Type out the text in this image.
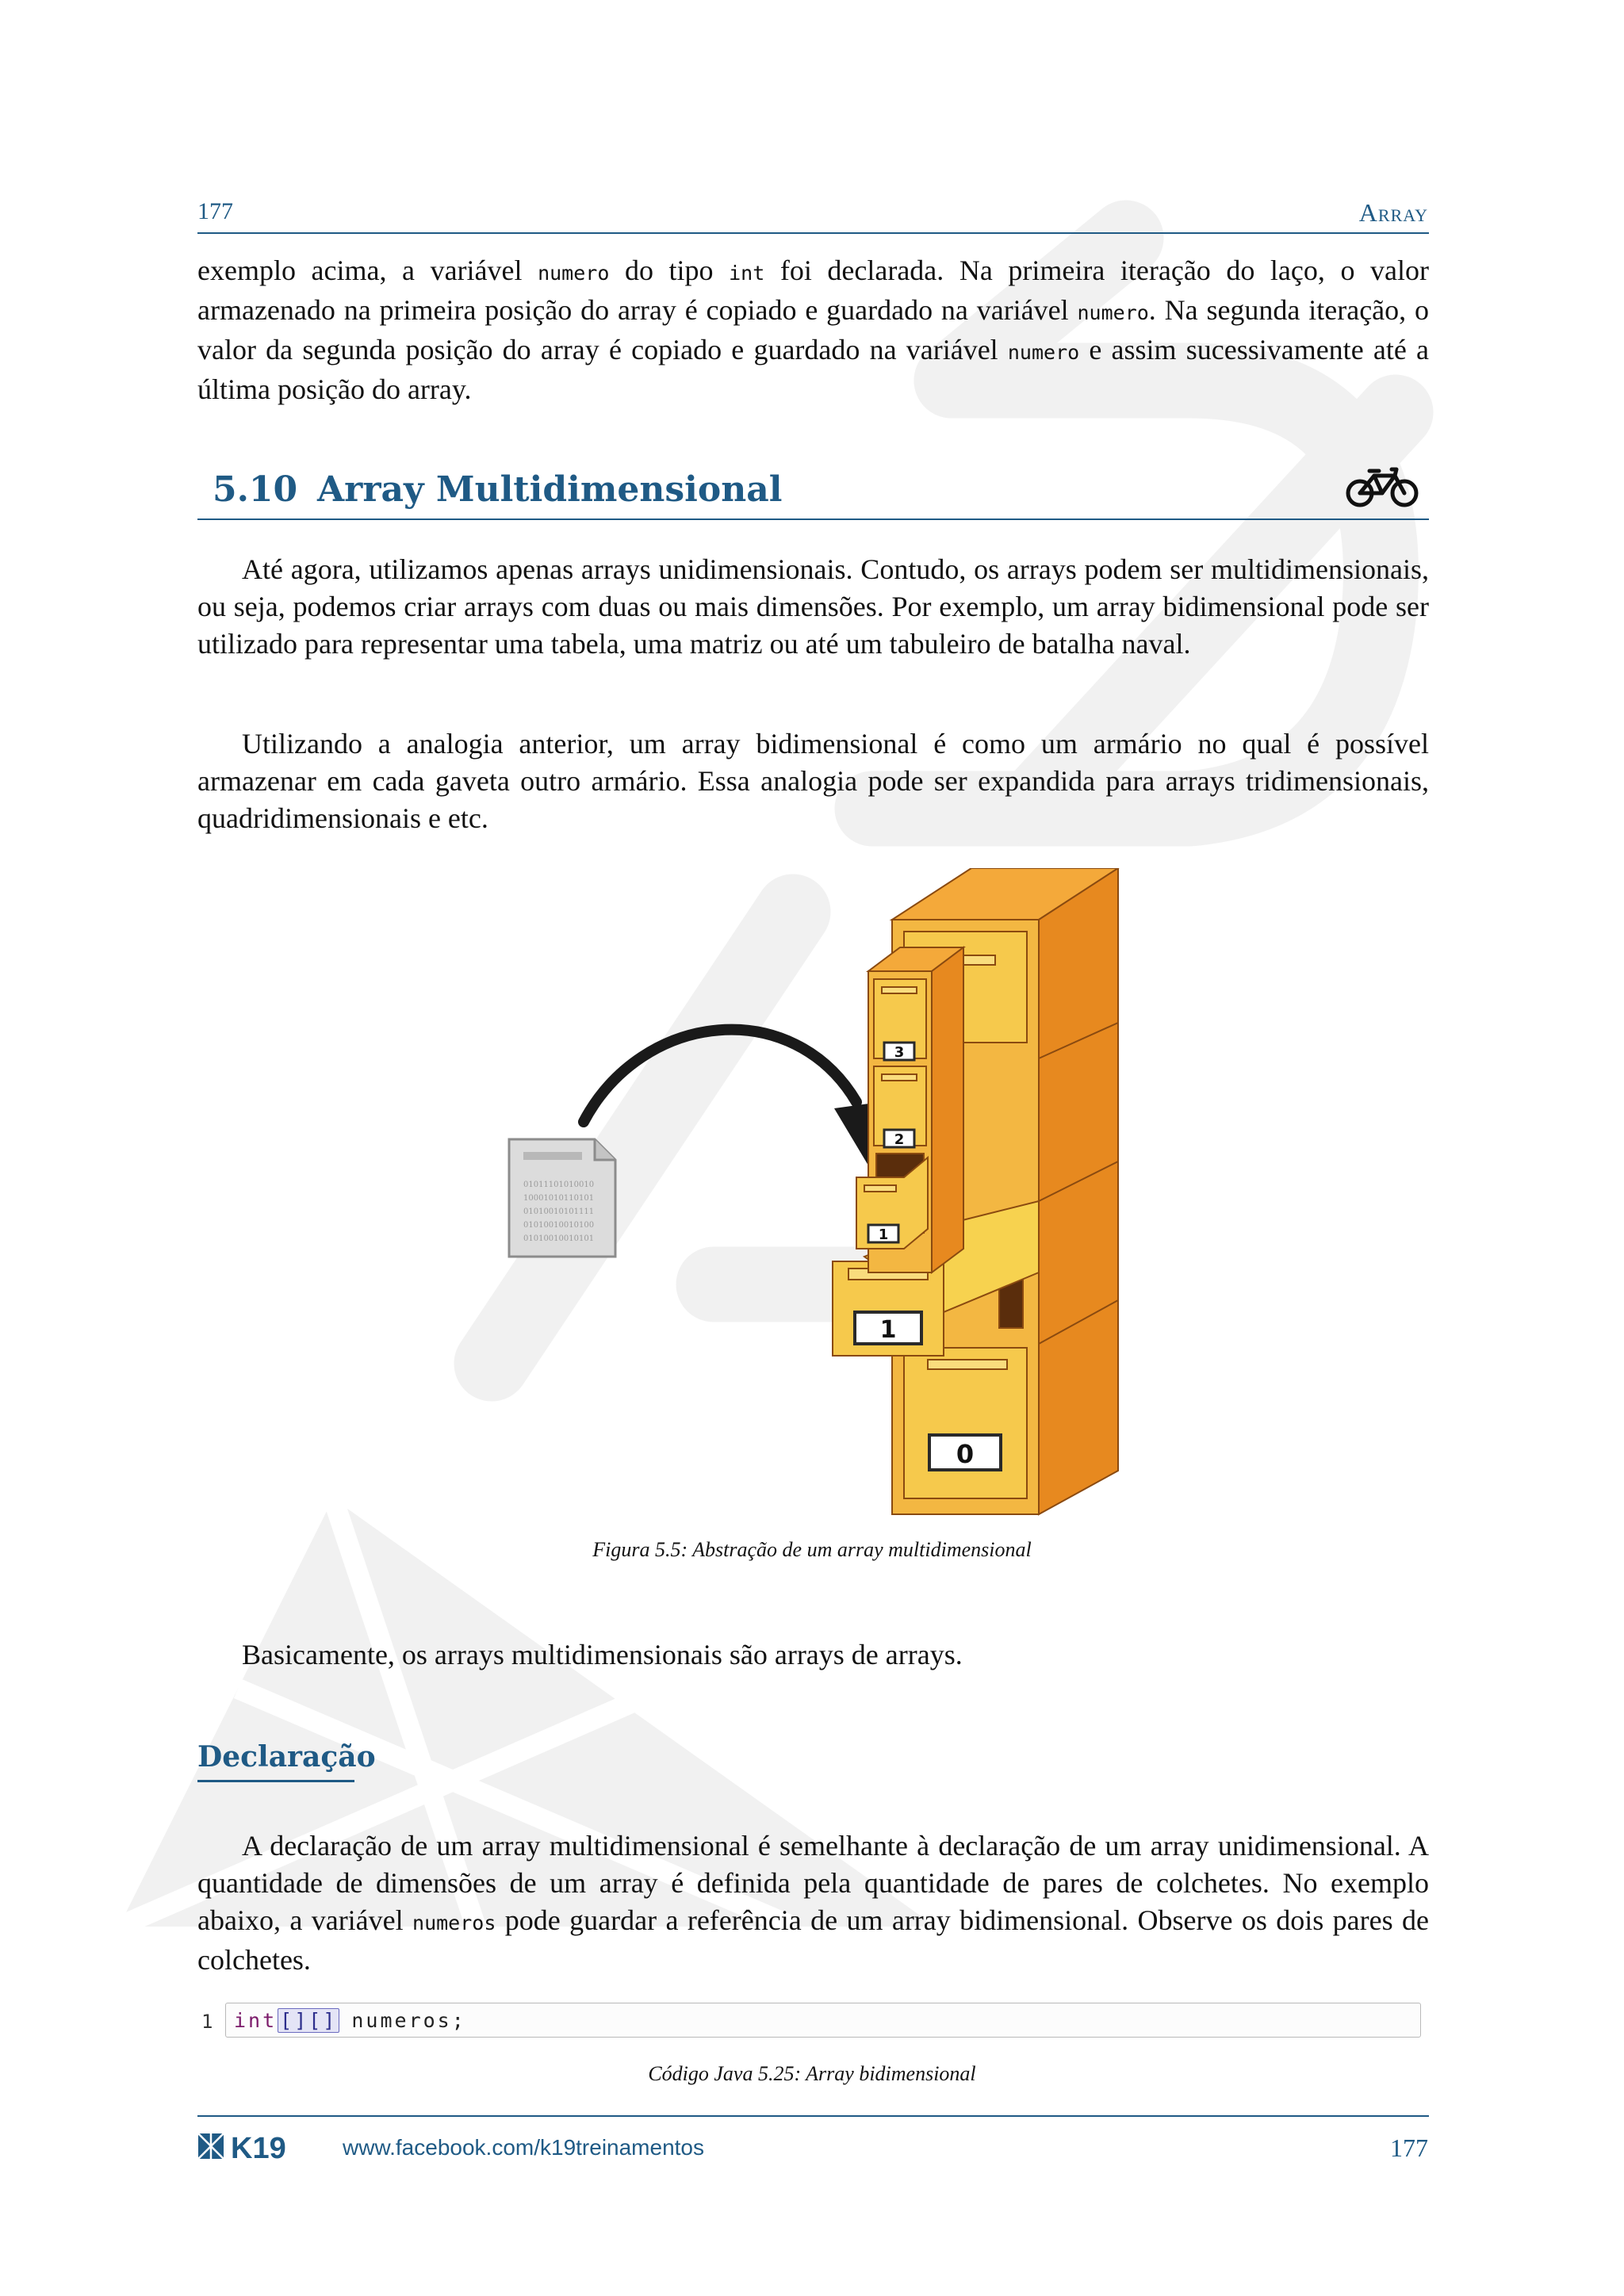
177	Array
exemplo acima, a variável numero do tipo int foi declarada. Na primeira iteração do laço, o valor armazenado na primeira posição do array é copiado e guardado na variável numero. Na segunda iteração, o valor da segunda posição do array é copiado e guardado na variável numero e assim sucessivamente até a última posição do array.
5.10 Array Multidimensional
Até agora, utilizamos apenas arrays unidimensionais. Contudo, os arrays podem ser multidimensionais, ou seja, podemos criar arrays com duas ou mais dimensões. Por exemplo, um array bidimensional pode ser utilizado para representar uma tabela, uma matriz ou até um tabuleiro de batalha naval.
Utilizando a analogia anterior, um array bidimensional é como um armário no qual é possível armazenar em cada gaveta outro armário. Essa analogia pode ser expandida para arrays tridimensionais, quadridimensionais e etc.
01011101010010
10001010110101
01010010101111
01010010010100
01010010010101
0
1
3
2
1
Figura 5.5: Abstração de um array multidimensional
Basicamente, os arrays multidimensionais são arrays de arrays.
Declaração
A declaração de um array multidimensional é semelhante à declaração de um array unidimensional. A quantidade de dimensões de um array é definida pela quantidade de pares de colchetes. No exemplo abaixo, a variável numeros pode guardar a referência de um array bidimensional. Observe os dois pares de colchetes.
1 int [][] numeros;
Código Java 5.25: Array bidimensional
K19	www.facebook.com/k19treinamentos	177
